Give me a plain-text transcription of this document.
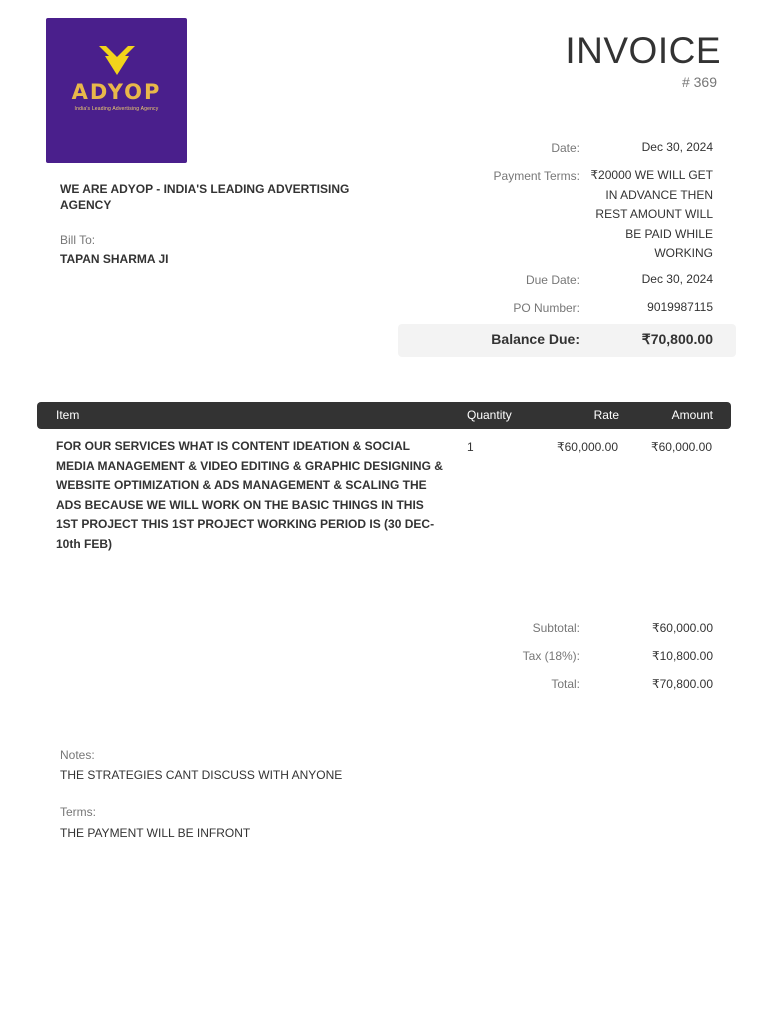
ADYOP
India's Leading Advertising Agency
INVOICE
# 369
WE ARE ADYOP - INDIA'S LEADING ADVERTISING AGENCY
Bill To:
TAPAN SHARMA JI
Date:	Dec 30, 2024
Payment Terms: ₹20000 WE WILL GET IN ADVANCE THEN REST AMOUNT WILL BE PAID WHILE WORKING
Due Date:	Dec 30, 2024
PO Number:	9019987115
Balance Due:	₹70,800.00
Item	Quantity	Rate	Amount
FOR OUR SERVICES WHAT IS CONTENT IDEATION & SOCIAL MEDIA MANAGEMENT & VIDEO EDITING & GRAPHIC DESIGNING & WEBSITE OPTIMIZATION & ADS MANAGEMENT & SCALING THE ADS BECAUSE WE WILL WORK ON THE BASIC THINGS IN THIS 1ST PROJECT THIS 1ST PROJECT WORKING PERIOD IS (30 DEC-10th FEB)
1	₹60,000.00	₹60,000.00
Subtotal:	₹60,000.00
Tax (18%):	₹10,800.00
Total:	₹70,800.00
Notes:
THE STRATEGIES CANT DISCUSS WITH ANYONE
Terms:
THE PAYMENT WILL BE INFRONT
